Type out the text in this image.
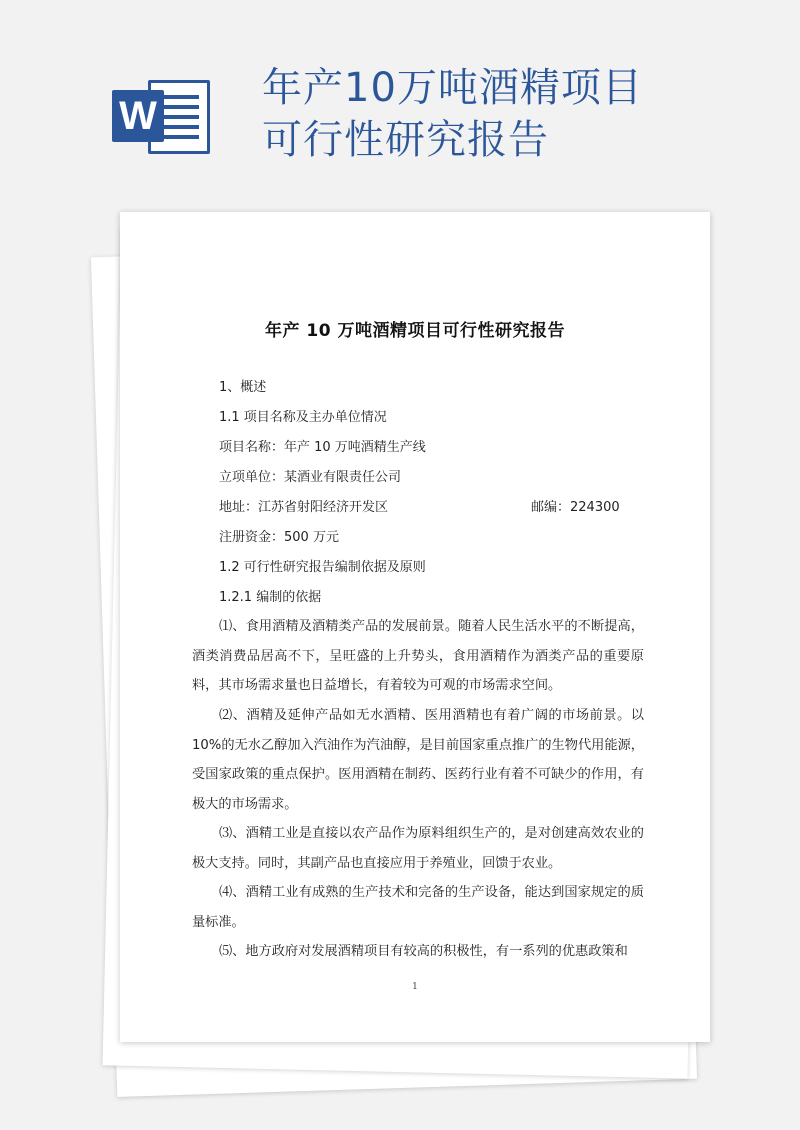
W
年产10万吨酒精项目
可行性研究报告
年产 10 万吨酒精项目可行性研究报告
1、概述
1.1 项目名称及主办单位情况
项目名称：年产 10 万吨酒精生产线
立项单位：某酒业有限责任公司
地址：江苏省射阳经济开发区	邮编：224300
注册资金：500 万元
1.2 可行性研究报告编制依据及原则
1.2.1 编制的依据
⑴、食用酒精及酒精类产品的发展前景。随着人民生活水平的不断提高，酒类消费品居高不下，呈旺盛的上升势头，食用酒精作为酒类产品的重要原料，其市场需求量也日益增长，有着较为可观的市场需求空间。
⑵、酒精及延伸产品如无水酒精、医用酒精也有着广阔的市场前景。以10%的无水乙醇加入汽油作为汽油醇，是目前国家重点推广的生物代用能源，受国家政策的重点保护。医用酒精在制药、医药行业有着不可缺少的作用，有极大的市场需求。
⑶、酒精工业是直接以农产品作为原料组织生产的，是对创建高效农业的极大支持。同时，其副产品也直接应用于养殖业，回馈于农业。
⑷、酒精工业有成熟的生产技术和完备的生产设备，能达到国家规定的质量标准。
⑸、地方政府对发展酒精项目有较高的积极性，有一系列的优惠政策和
1
